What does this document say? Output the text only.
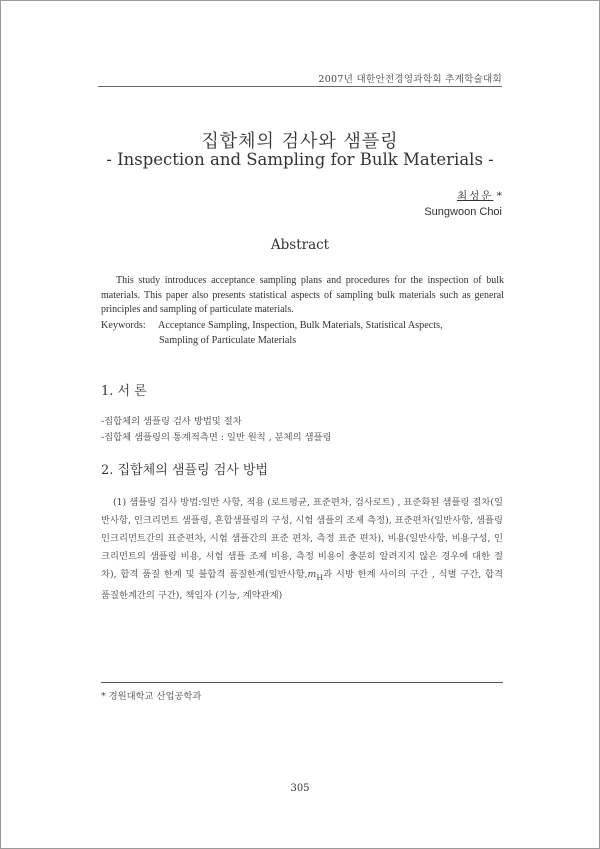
2007년 대한안전경영과학회 추계학술대회
집합체의 검사와 샘플링
- Inspection and Sampling for Bulk Materials -
최성운 *
Sungwoon Choi
Abstract
This study introduces acceptance sampling plans and procedures for the inspection of bulk materials. This paper also presents statistical aspects of sampling bulk materials such as general principles and sampling of particulate materials.
Keywords: Acceptance Sampling, Inspection, Bulk Materials, Statistical Aspects,
Sampling of Particulate Materials
1. 서 론
-집합체의 샘플링 검사 방법및 절차
-집합체 샘플링의 통계적측면 : 일반 원칙 , 분체의 샘플링
2. 집합체의 샘플링 검사 방법
(1) 샘플링 검사 방법:일반 사항, 적용 (로트평균, 표준편차, 검사로트) , 표준화된 샘플링 절차(일반사항, 인크리먼트 샘플링, 혼합샘플링의 구성, 시험 샘플의 조제 측정), 표준편차(일반사항, 샘플링 인크리먼트간의 표준편차, 시험 샘플간의 표준 편차, 측정 표준 편차), 비용(일반사항, 비용구성, 인크리먼트의 샘플링 비용, 시험 샘플 조제 비용, 측정 비용이 충분히 알려지지 않은 경우에 대한 절차), 합격 품질 한계 및 불합격 품질한계(일반사항$,m_H$과 시방 한계 사이의 구간 , 식별 구간, 합격 품질한계간의 구간), 책임자 (기능, 계약관계)
* 경원대학교 산업공학과
305
